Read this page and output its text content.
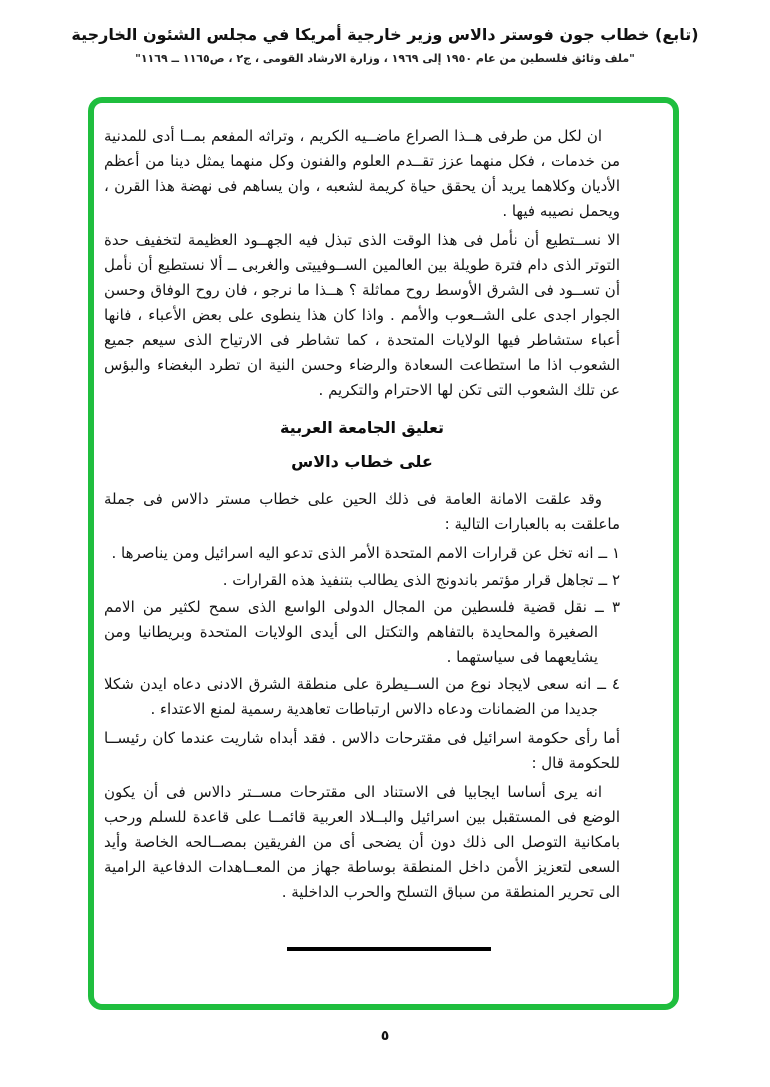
(تابع) خطاب جون فوستر دالاس وزير خارجية أمريكا في مجلس الشئون الخارجية
"ملف وثائق فلسطين من عام ١٩٥٠ إلى ١٩٦٩ ، وزارة الارشاد القومى ، ج٢ ، ص١١٦٥ ــ ١١٦٩"

ان لكل من طرفى هــذا الصراع ماضــيه الكريم ، وتراثه المفعم بمــا أدى للمدنية من خدمات ، فكل منهما عزز تقــدم العلوم والفنون وكل منهما يمثل دينا من أعظم الأديان وكلاهما يريد أن يحقق حياة كريمة لشعبه ، وان يساهم فى نهضة هذا القرن ، ويحمل نصيبه فيها .

الا نســتطيع أن نأمل فى هذا الوقت الذى تبذل فيه الجهــود العظيمة لتخفيف حدة التوتر الذى دام فترة طويلة بين العالمين الســوفييتى والغربى ــ ألا نستطيع أن نأمل أن تســود فى الشرق الأوسط روح مماثلة ؟ هــذا ما نرجو ، فان روح الوفاق وحسن الجوار اجدى على الشــعوب والأمم . واذا كان هذا ينطوى على بعض الأعباء ، فانها أعباء ستشاطر فيها الولايات المتحدة ، كما تشاطر فى الارتياح الذى سيعم جميع الشعوب اذا ما استطاعت السعادة والرضاء وحسن النية ان تطرد البغضاء والبؤس عن تلك الشعوب التى تكن لها الاحترام والتكريم .

تعليق الجامعة العربية
على خطاب دالاس

وقد علقت الامانة العامة فى ذلك الحين على خطاب مستر دالاس فى جملة ماعلقت به بالعبارات التالية :

١ ــ انه تخل عن قرارات الامم المتحدة الأمر الذى تدعو اليه اسرائيل ومن يناصرها .
٢ ــ تجاهل قرار مؤتمر باندونج الذى يطالب بتنفيذ هذه القرارات .
٣ ــ نقل قضية فلسطين من المجال الدولى الواسع الذى سمح لكثير من الامم الصغيرة والمحايدة بالتفاهم والتكتل الى أيدى الولايات المتحدة وبريطانيا ومن يشايعهما فى سياستهما .
٤ ــ انه سعى لايجاد نوع من الســيطرة على منطقة الشرق الادنى دعاه ايدن شكلا جديدا من الضمانات ودعاه دالاس ارتباطات تعاهدية رسمية لمنع الاعتداء .

أما رأى حكومة اسرائيل فى مقترحات دالاس . فقد أبداه شاريت عندما كان رئيســا للحكومة قال :

انه يرى أساسا ايجابيا فى الاستناد الى مقترحات مســتر دالاس فى أن يكون الوضع فى المستقبل بين اسرائيل والبــلاد العربية قائمــا على قاعدة للسلم ورحب بامكانية التوصل الى ذلك دون أن يضحى أى من الفريقين بمصــالحه الخاصة وأيد السعى لتعزيز الأمن داخل المنطقة بوساطة جهاز من المعــاهدات الدفاعية الرامية الى تحرير المنطقة من سباق التسلح والحرب الداخلية .

٥
